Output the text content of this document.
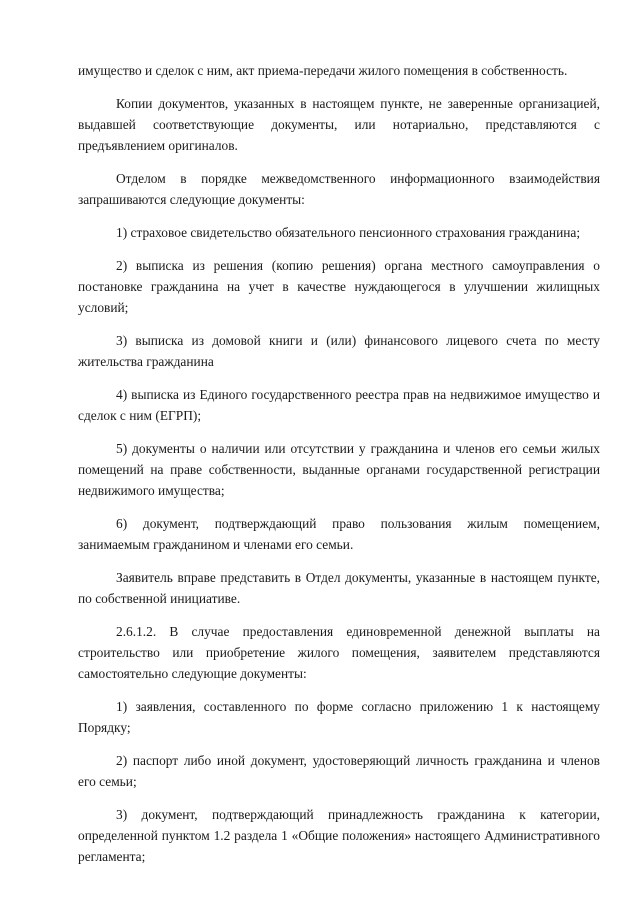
имущество и сделок с ним, акт приема-передачи жилого помещения в собственность.

Копии документов, указанных в настоящем пункте, не заверенные организацией, выдавшей соответствующие документы, или нотариально, представляются с предъявлением оригиналов.

Отделом в порядке межведомственного информационного взаимодействия запрашиваются следующие документы:

1) страховое свидетельство обязательного пенсионного страхования гражданина;

2) выписка из решения (копию решения) органа местного самоуправления о постановке гражданина на учет в качестве нуждающегося в улучшении жилищных условий;

3) выписка из домовой книги и (или) финансового лицевого счета по месту жительства гражданина

4) выписка из Единого государственного реестра прав на недвижимое имущество и сделок с ним (ЕГРП);

5) документы о наличии или отсутствии у гражданина и членов его семьи жилых помещений на праве собственности, выданные органами государственной регистрации недвижимого имущества;

6) документ, подтверждающий право пользования жилым помещением, занимаемым гражданином и членами его семьи.

Заявитель вправе представить в Отдел документы, указанные в настоящем пункте, по собственной инициативе.

2.6.1.2. В случае предоставления единовременной денежной выплаты на строительство или приобретение жилого помещения, заявителем представляются самостоятельно следующие документы:

1) заявления, составленного по форме согласно приложению 1 к настоящему Порядку;

2) паспорт либо иной документ, удостоверяющий личность гражданина и членов его семьи;

3) документ, подтверждающий принадлежность гражданина к категории, определенной пунктом 1.2 раздела 1 «Общие положения» настоящего Административного регламента;
